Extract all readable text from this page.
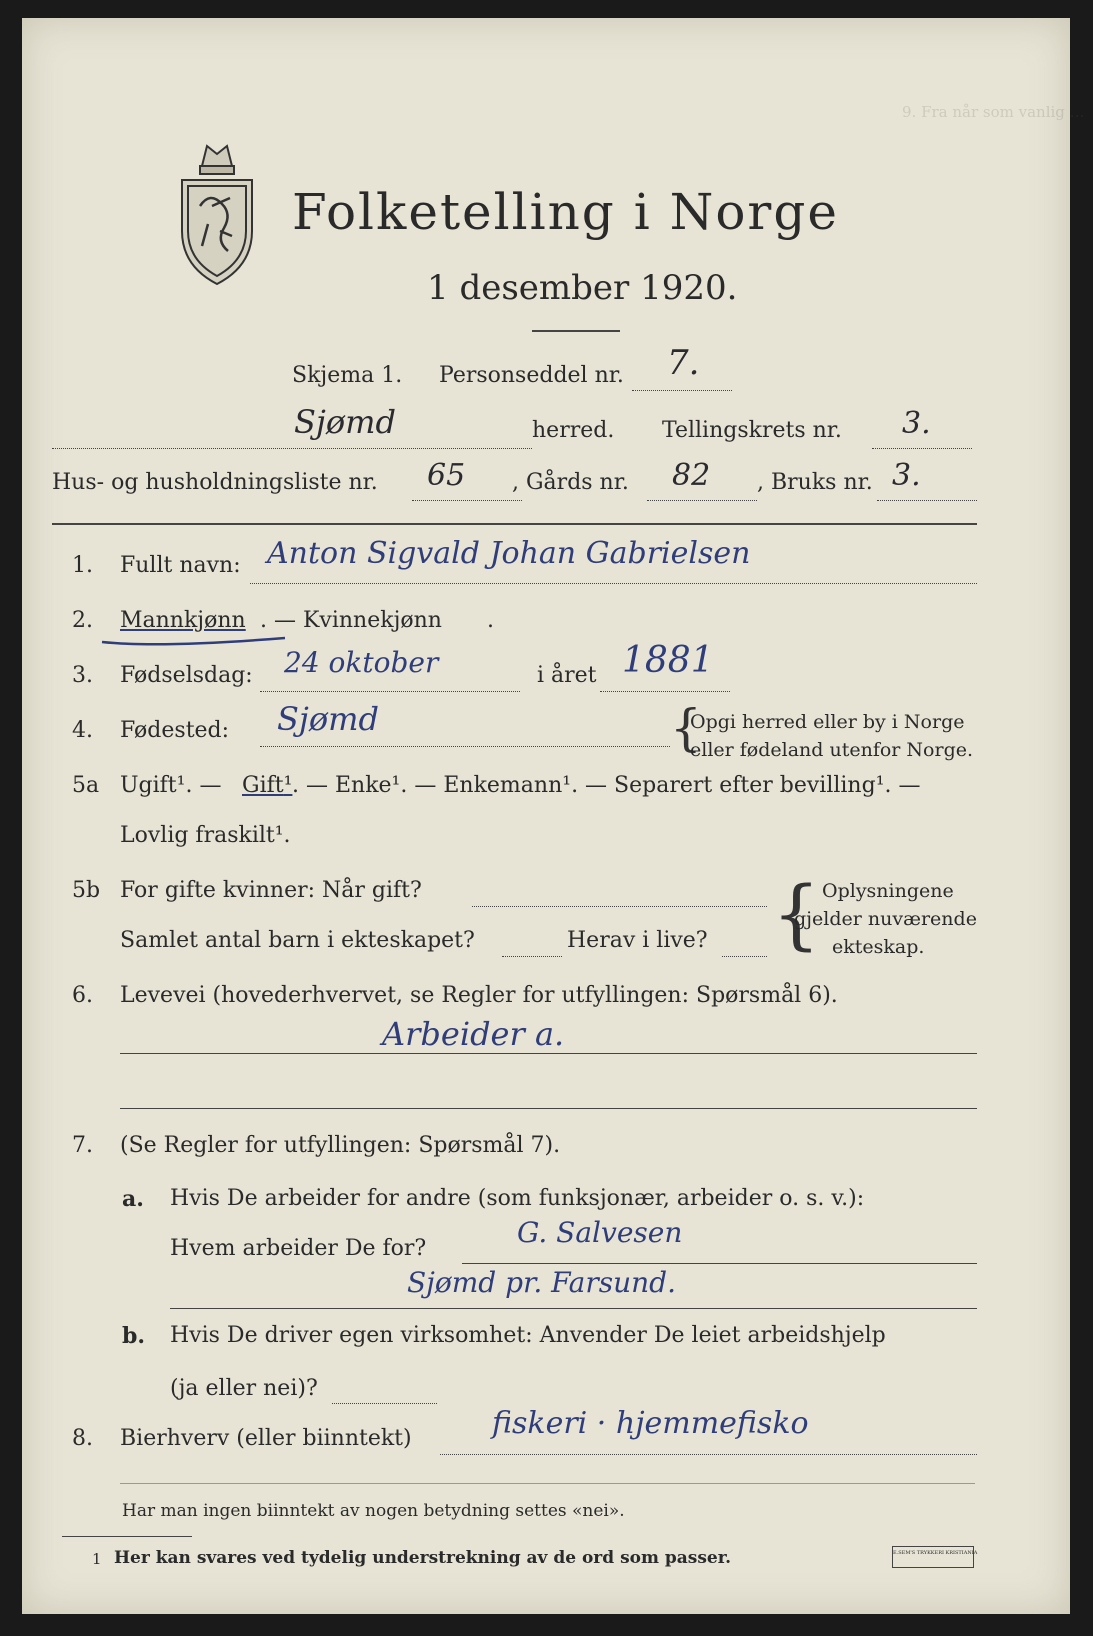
9. Fra når som vanlig …
Folketelling i Norge
1 desember 1920.
Skjema 1. Personseddel nr. 7.
Sjømd	herred. Tellingskrets nr. 3.
Hus- og husholdningsliste nr. 65 , Gårds nr. 82 , Bruks nr. 3.
1. Fullt navn: Anton Sigvald Johan Gabrielsen
2. Mannkjønn . — Kvinnekjønn .
3. Fødselsdag: 24 oktober	i året 1881
4. Fødested: Sjømd	{
Opgi herred eller by i Norge
eller fødeland utenfor Norge.
5a Ugift¹. — Gift¹ . — Enke¹. — Enkemann¹. — Separert efter bevilling¹. —
Lovlig fraskilt¹.
5b For gifte kvinner: Når gift?
Samlet antal barn i ekteskapet?	Herav i live? { Oplysningene
gjelder nuværende
ekteskap.
6. Levevei (hovederhvervet, se Regler for utfyllingen: Spørsmål 6).
Arbeider a.
7. (Se Regler for utfyllingen: Spørsmål 7).
a. Hvis De arbeider for andre (som funksjonær, arbeider o. s. v.):
Hvem arbeider De for?	G. Salvesen
Sjømd pr. Farsund.
b. Hvis De driver egen virksomhet: Anvender De leiet arbeidshjelp
(ja eller nei)?
8. Bierhverv (eller biinntekt)	fiskeri · hjemmefisko
Har man ingen biinntekt av nogen betydning settes «nei».
1 Her kan svares ved tydelig understrekning av de ord som passer.	E.SEM'S TRYKKERI KRISTIANIA
